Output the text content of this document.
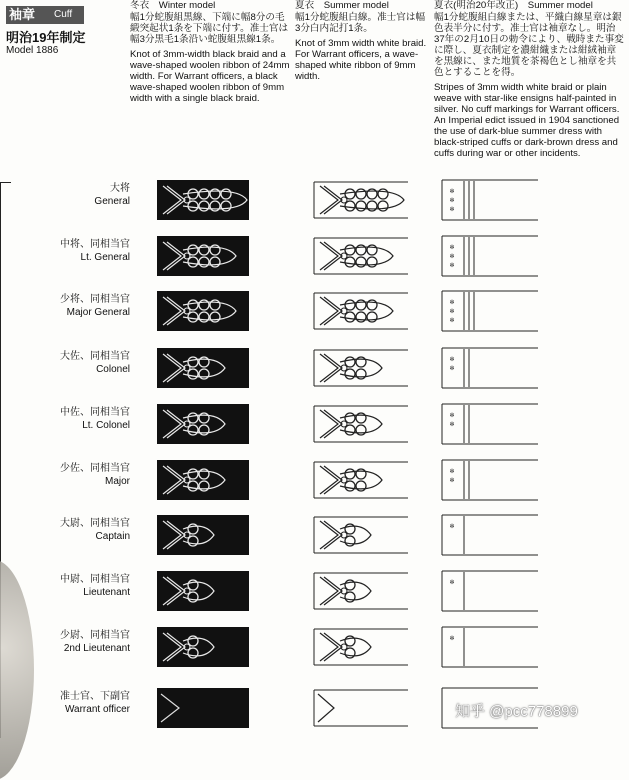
袖章 Cuff
明治19年制定
Model 1886
冬衣　Winter model
幅1分蛇腹組黒線、下端に幅8分の毛緞突起状1条を下端に付す。准士官は幅3分黒毛1条沿い蛇腹組黒線1条。
Knot of 3mm-width black braid and a wave-shaped woolen ribbon of 24mm width. For Warrant officers, a black wave-shaped woolen ribbon of 9mm width with a single black braid.
夏衣　Summer model
幅1分蛇腹組白線。准士官は幅3分白内記打1条。
Knot of 3mm width white braid. For Warrant officers, a wave-shaped white ribbon of 9mm width.
夏衣(明治20年改正)　Summer model
幅1分蛇腹組白線または、平織白線星章は銀色表半分に付す。准士官は袖章なし。明治37年の2月10日の勅令により、戦時また事変に際し、夏衣制定を濃紺織または紺絨袖章を黒線に、また地質を茶褐色とし袖章を共色とすることを得。
Stripes of 3mm width white braid or plain weave with star-like ensigns half-painted in silver. No cuff markings for Warrant officers. An Imperial edict issued in 1904 sanctioned the use of dark-blue summer dress with black-striped cuffs or dark-brown dress and cuffs during war or other incidents.
大将
General
✻
✻
✻
中将、同相当官
Lt. General
✻
✻
✻
少将、同相当官
Major General
✻
✻
✻
大佐、同相当官
Colonel
✻
✻
中佐、同相当官
Lt. Colonel
✻
✻
少佐、同相当官
Major
✻
✻
大尉、同相当官
Captain
✻
中尉、同相当官
Lieutenant
✻
少尉、同相当官
2nd Lieutenant
✻
准士官、下副官
Warrant officer	知乎 @pcc778899
